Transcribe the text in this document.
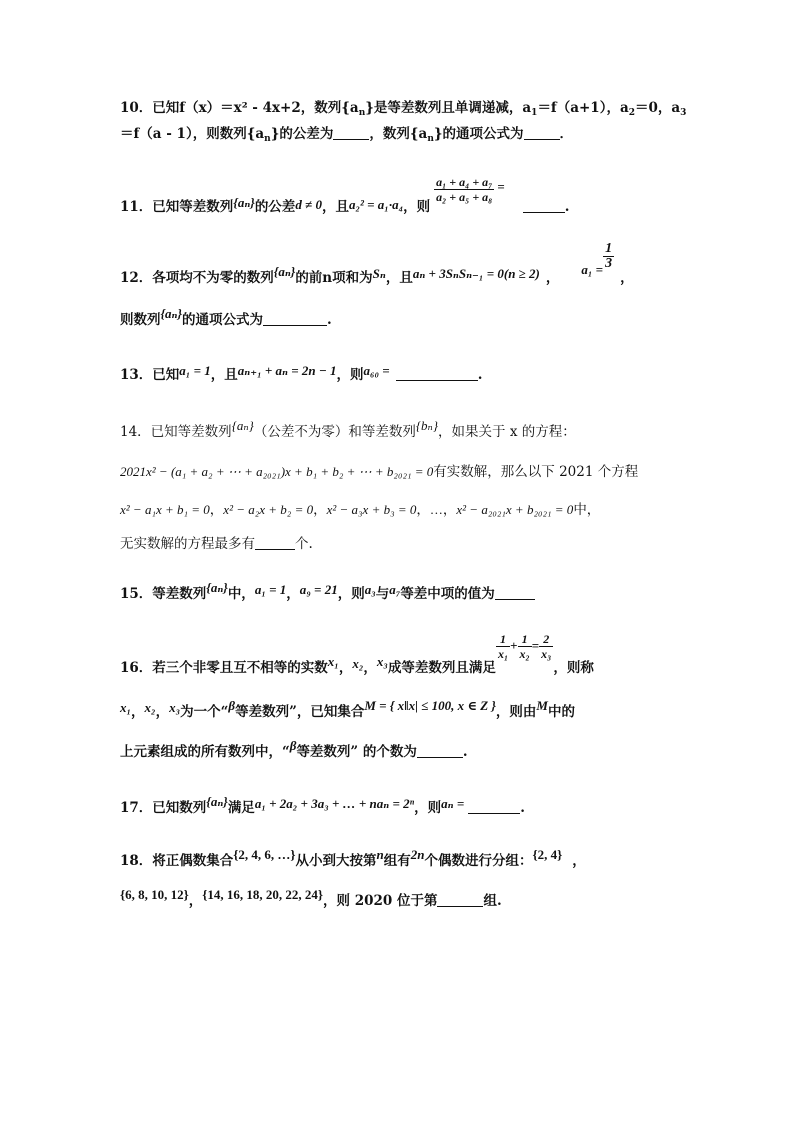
10．已知f（x）＝x² - 4x+2，数列$\{a_n\}$是等差数列且单调递减，$a_1=f(a+1)$，$a_2=0$，$a_3$
＝f（a - 1），则数列$\{a_n\}$的公差为	，数列$\{a_n\}$的通项公式为	．
11．已知等差数列{aₙ}的公差d ≠ 0，且a₂² = a₁·a₄，则
$\frac{\text{a₁ + a₄ + a₇}}{\text{a₂ + a₅ + a₈}}$ =.
12．各项均不为零的数列{aₙ}的前n项和为Sₙ，且aₙ + 3SₙSₙ₋₁ = 0(n ≥ 2) ，$a_1 = \frac{1}{3}$
，
则数列{aₙ}的通项公式为	.
13．已知a₁ = 1，且aₙ₊₁ + aₙ = 2n − 1，则a₆₀ =	.
14．已知等差数列{aₙ}（公差不为零）和等差数列{bₙ}，如果关于 x 的方程：
2021x² − (a₁ + a₂ + ⋯ + a₂₀₂₁)x + b₁ + b₂ + ⋯ + b₂₀₂₁ = 0有实数解，那么以下 2021 个方程
x² − a₁x + b₁ = 0，x² − a₂x + b₂ = 0，x² − a₃x + b₃ = 0，…，x² − a₂₀₂₁x + b₂₀₂₁ = 0中，
无实数解的方程最多有	个.
15．等差数列{aₙ}中，a₁ = 1，a₉ = 21，则a₃与a₇等差中项的值为
16．若三个非零且互不相等的实数x₁，x₂，x₃成等差数列且满足
$\frac{1}{\text{x₁}} + \frac{1}{\text{x₂}} = \frac{2}{\text{x₃}}$
，则称
x₁，x₂，x₃为一个“β等差数列”，已知集合M = { x‖x| ≤ 100, x ∈ Z }，则由M中的
上元素组成的所有数列中，“β等差数列” 的个数为	.
17．已知数列{aₙ}满足a₁ + 2a₂ + 3a₃ + … + naₙ = 2ⁿ，则aₙ =	.
18．将正偶数集合{2, 4, 6, …}从小到大按第n组有2n个偶数进行分组：{2, 4} ，
{6, 8, 10, 12}，{14, 16, 18, 20, 22, 24}，则 2020 位于第	组.
